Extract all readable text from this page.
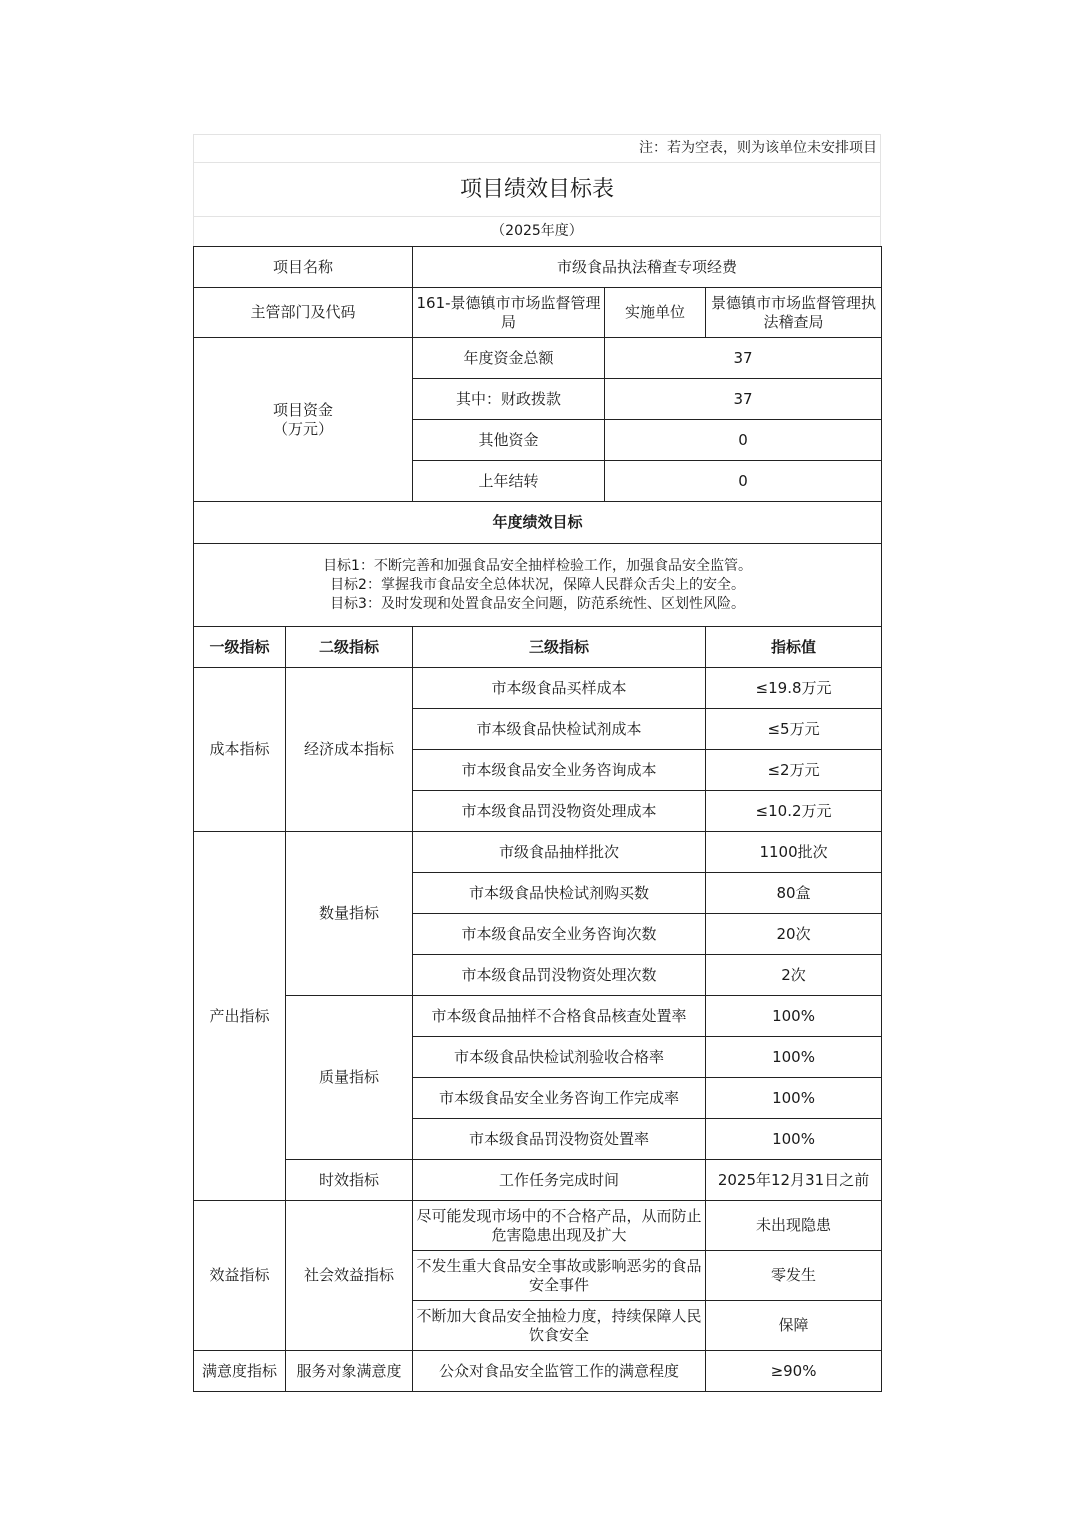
注：若为空表，则为该单位未安排项目
项目绩效目标表
（2025年度）
项目名称		市级食品执法稽查专项经费		
主管部门及代码		161-景德镇市市场监督管理局	实施单位	景德镇市市场监督管理执法稽查局

项目资金
（万元）		年度资金总额	37	
		其中：财政拨款	37	
		其他资金	0	
		上年结转	0	
年度绩效目标				

目标1：不断完善和加强食品安全抽样检验工作，加强食品安全监管。
目标2：掌握我市食品安全总体状况，保障人民群众舌尖上的安全。
目标3：及时发现和处置食品安全问题，防范系统性、区划性风险。				

一级指标	二级指标	三级指标		指标值
成本指标	经济成本指标	市本级食品买样成本		≤19.8万元
		市本级食品快检试剂成本		≤5万元
		市本级食品安全业务咨询成本		≤2万元
		市本级食品罚没物资处理成本		≤10.2万元
产出指标	数量指标	市级食品抽样批次		1100批次
		市本级食品快检试剂购买数		80盒
		市本级食品安全业务咨询次数		20次
		市本级食品罚没物资处理次数		2次
	质量指标	市本级食品抽样不合格食品核查处置率		100%
		市本级食品快检试剂验收合格率		100%
		市本级食品安全业务咨询工作完成率		100%
		市本级食品罚没物资处置率		100%
	时效指标	工作任务完成时间		2025年12月31日之前
效益指标	社会效益指标	尽可能发现市场中的不合格产品，从而防止危害隐患出现及扩大		未出现隐患
		不发生重大食品安全事故或影响恶劣的食品安全事件		零发生
		不断加大食品安全抽检力度，持续保障人民饮食安全		保障
满意度指标	服务对象满意度	公众对食品安全监管工作的满意程度		≥90%
